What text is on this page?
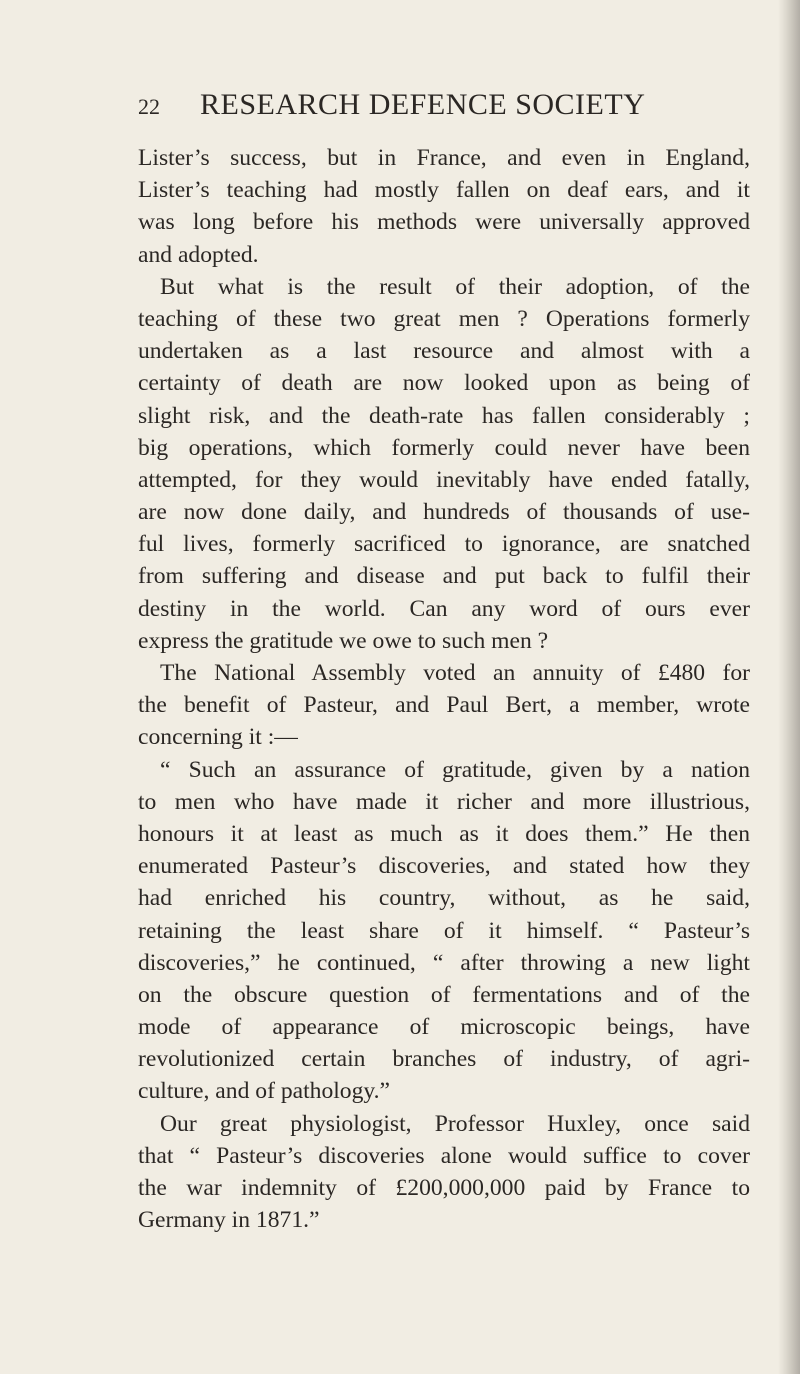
22 RESEARCH DEFENCE SOCIETY
Lister’s success, but in France, and even in England,
Lister’s teaching had mostly fallen on deaf ears, and it
was long before his methods were universally approved
and adopted.
But what is the result of their adoption, of the
teaching of these two great men ? Operations formerly
undertaken as a last resource and almost with a
certainty of death are now looked upon as being of
slight risk, and the death-rate has fallen considerably ;
big operations, which formerly could never have been
attempted, for they would inevitably have ended fatally,
are now done daily, and hundreds of thousands of use-
ful lives, formerly sacrificed to ignorance, are snatched
from suffering and disease and put back to fulfil their
destiny in the world. Can any word of ours ever
express the gratitude we owe to such men ?
The National Assembly voted an annuity of £480 for
the benefit of Pasteur, and Paul Bert, a member, wrote
concerning it :—
“ Such an assurance of gratitude, given by a nation
to men who have made it richer and more illustrious,
honours it at least as much as it does them.” He then
enumerated Pasteur’s discoveries, and stated how they
had enriched his country, without, as he said,
retaining the least share of it himself. “ Pasteur’s
discoveries,” he continued, “ after throwing a new light
on the obscure question of fermentations and of the
mode of appearance of microscopic beings, have
revolutionized certain branches of industry, of agri-
culture, and of pathology.”
Our great physiologist, Professor Huxley, once said
that “ Pasteur’s discoveries alone would suffice to cover
the war indemnity of £200,000,000 paid by France to
Germany in 1871.”
